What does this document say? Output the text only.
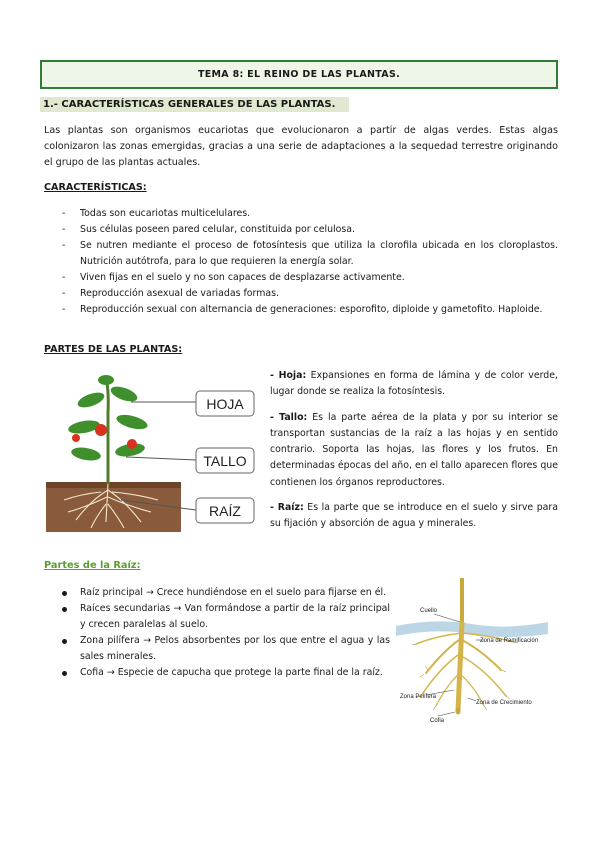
TEMA 8: EL REINO DE LAS PLANTAS.
1.- CARACTERÍSTICAS GENERALES DE LAS PLANTAS.
Las plantas son organismos eucariotas que evolucionaron a partir de algas verdes. Estas algas colonizaron las zonas emergidas, gracias a una serie de adaptaciones a la sequedad terrestre originando el grupo de las plantas actuales.
CARACTERÍSTICAS:
- Todas son eucariotas multicelulares.
- Sus células poseen pared celular, constituida por celulosa.
- Se nutren mediante el proceso de fotosíntesis que utiliza la clorofila ubicada en los cloroplastos. Nutrición autótrofa, para lo que requieren la energía solar.
- Viven fijas en el suelo y no son capaces de desplazarse activamente.
- Reproducción asexual de variadas formas.
- Reproducción sexual con alternancia de generaciones: esporofito, diploide y gametofito. Haploide.
PARTES DE LAS PLANTAS:
HOJA
TALLO
RAÍZ

- Hoja: Expansiones en forma de lámina y de color verde, lugar donde se realiza la fotosíntesis.

- Tallo: Es la parte aérea de la plata y por su interior se transportan sustancias de la raíz a las hojas y en sentido contrario. Soporta las hojas, las flores y los frutos. En determinadas épocas del año, en el tallo aparecen flores que contienen los órganos reproductores.

- Raíz: Es la parte que se introduce en el suelo y sirve para su fijación y absorción de agua y minerales.

Partes de la Raíz:
Raíz principal → Crece hundiéndose en el suelo para fijarse en él.
Raíces secundarias → Van formándose a partir de la raíz principal y crecen paralelas al suelo.
Zona pilífera → Pelos absorbentes por los que entre el agua y las sales minerales.
Cofia → Especie de capucha que protege la parte final de la raíz.
Cuello
Zona de Ramificación
Zona Pelífera
Zona de Crecimiento
Cofia
